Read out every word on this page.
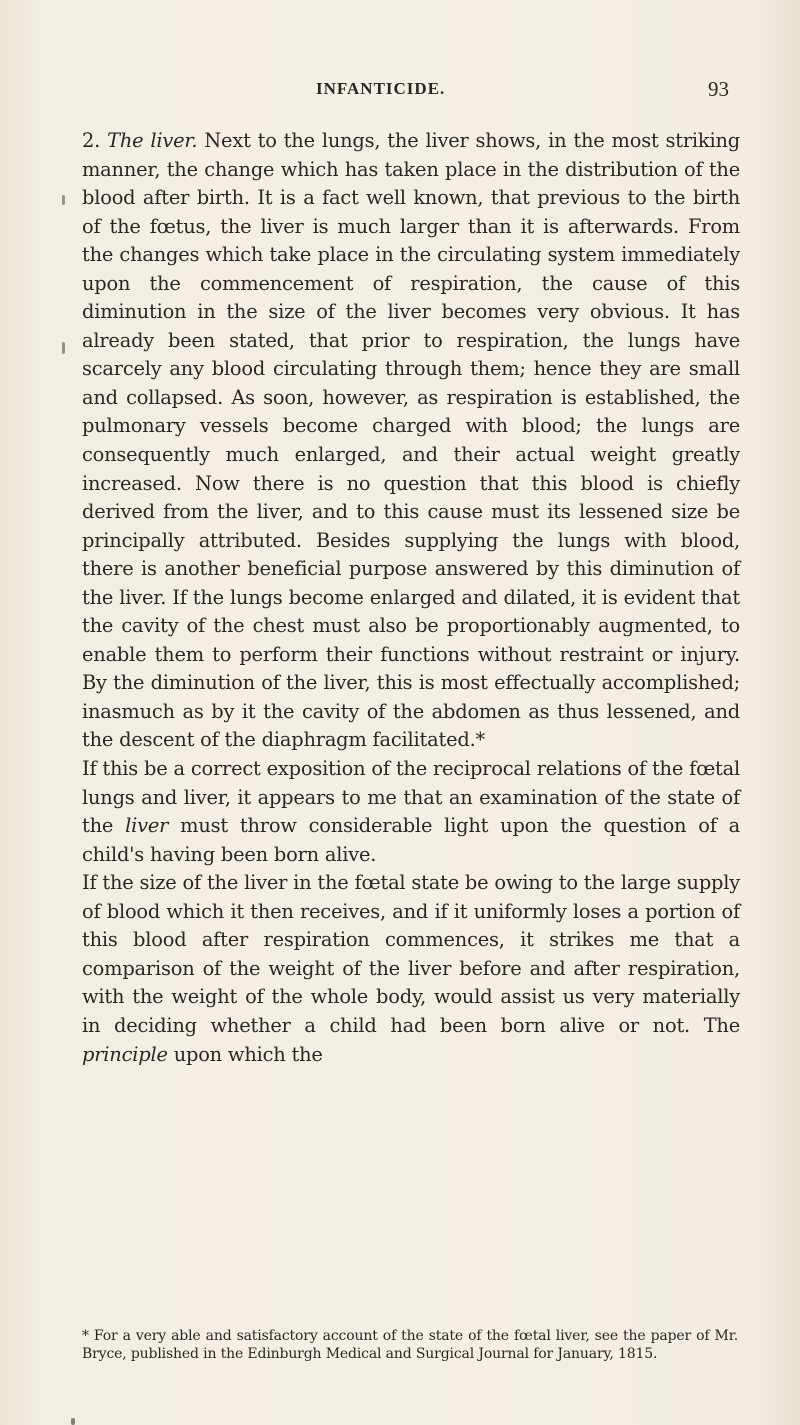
INFANTICIDE.	93

2. The liver. Next to the lungs, the liver shows, in the most striking manner, the change which has taken place in the distribution of the blood after birth. It is a fact well known, that previous to the birth of the fœtus, the liver is much larger than it is afterwards. From the changes which take place in the circulating system immediately upon the commencement of respiration, the cause of this diminution in the size of the liver becomes very obvious. It has already been stated, that prior to respiration, the lungs have scarcely any blood circulating through them; hence they are small and collapsed. As soon, however, as respiration is established, the pulmonary vessels become charged with blood; the lungs are consequently much enlarged, and their actual weight greatly increased. Now there is no question that this blood is chiefly derived from the liver, and to this cause must its lessened size be principally attributed. Besides supplying the lungs with blood, there is another beneficial purpose answered by this diminution of the liver. If the lungs become enlarged and dilated, it is evident that the cavity of the chest must also be proportionably augmented, to enable them to perform their functions without restraint or injury. By the diminution of the liver, this is most effectually accomplished; inasmuch as by it the cavity of the abdomen as thus lessened, and the descent of the diaphragm facilitated.*

If this be a correct exposition of the reciprocal relations of the fœtal lungs and liver, it appears to me that an examination of the state of the liver must throw considerable light upon the question of a child's having been born alive.

If the size of the liver in the fœtal state be owing to the large supply of blood which it then receives, and if it uniformly loses a portion of this blood after respiration commences, it strikes me that a comparison of the weight of the liver before and after respiration, with the weight of the whole body, would assist us very materially in deciding whether a child had been born alive or not. The principle upon which the

* For a very able and satisfactory account of the state of the fœtal liver, see the paper of Mr. Bryce, published in the Edinburgh Medical and Surgical Journal for January, 1815.
